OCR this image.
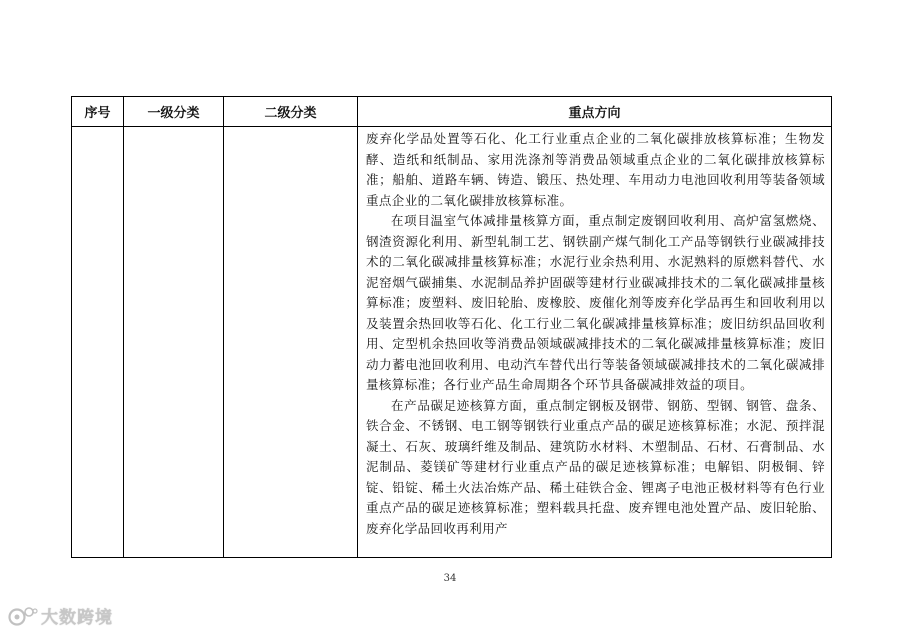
序号	一级分类	二级分类	重点方向

			废弃化学品处置等石化、化工行业重点企业的二氧化碳排放核算标准；生物发酵、造纸和纸制品、家用洗涤剂等消费品领域重点企业的二氧化碳排放核算标准；船舶、道路车辆、铸造、锻压、热处理、车用动力电池回收利用等装备领域重点企业的二氧化碳排放核算标准。

在项目温室气体减排量核算方面，重点制定废钢回收利用、高炉富氢燃烧、钢渣资源化利用、新型轧制工艺、钢铁副产煤气制化工产品等钢铁行业碳减排技术的二氧化碳减排量核算标准；水泥行业余热利用、水泥熟料的原燃料替代、水泥窑烟气碳捕集、水泥制品养护固碳等建材行业碳减排技术的二氧化碳减排量核算标准；废塑料、废旧轮胎、废橡胶、废催化剂等废弃化学品再生和回收利用以及装置余热回收等石化、化工行业二氧化碳减排量核算标准；废旧纺织品回收利用、定型机余热回收等消费品领域碳减排技术的二氧化碳减排量核算标准；废旧动力蓄电池回收利用、电动汽车替代出行等装备领域碳减排技术的二氧化碳减排量核算标准；各行业产品生命周期各个环节具备碳减排效益的项目。

在产品碳足迹核算方面，重点制定钢板及钢带、钢筋、型钢、钢管、盘条、铁合金、不锈钢、电工钢等钢铁行业重点产品的碳足迹核算标准；水泥、预拌混凝土、石灰、玻璃纤维及制品、建筑防水材料、木塑制品、石材、石膏制品、水泥制品、菱镁矿等建材行业重点产品的碳足迹核算标准；电解铝、阴极铜、锌锭、铅锭、稀土火法冶炼产品、稀土硅铁合金、锂离子电池正极材料等有色行业重点产品的碳足迹核算标准；塑料载具托盘、废弃锂电池处置产品、废旧轮胎、废弃化学品回收再利用产

34
大数跨境
